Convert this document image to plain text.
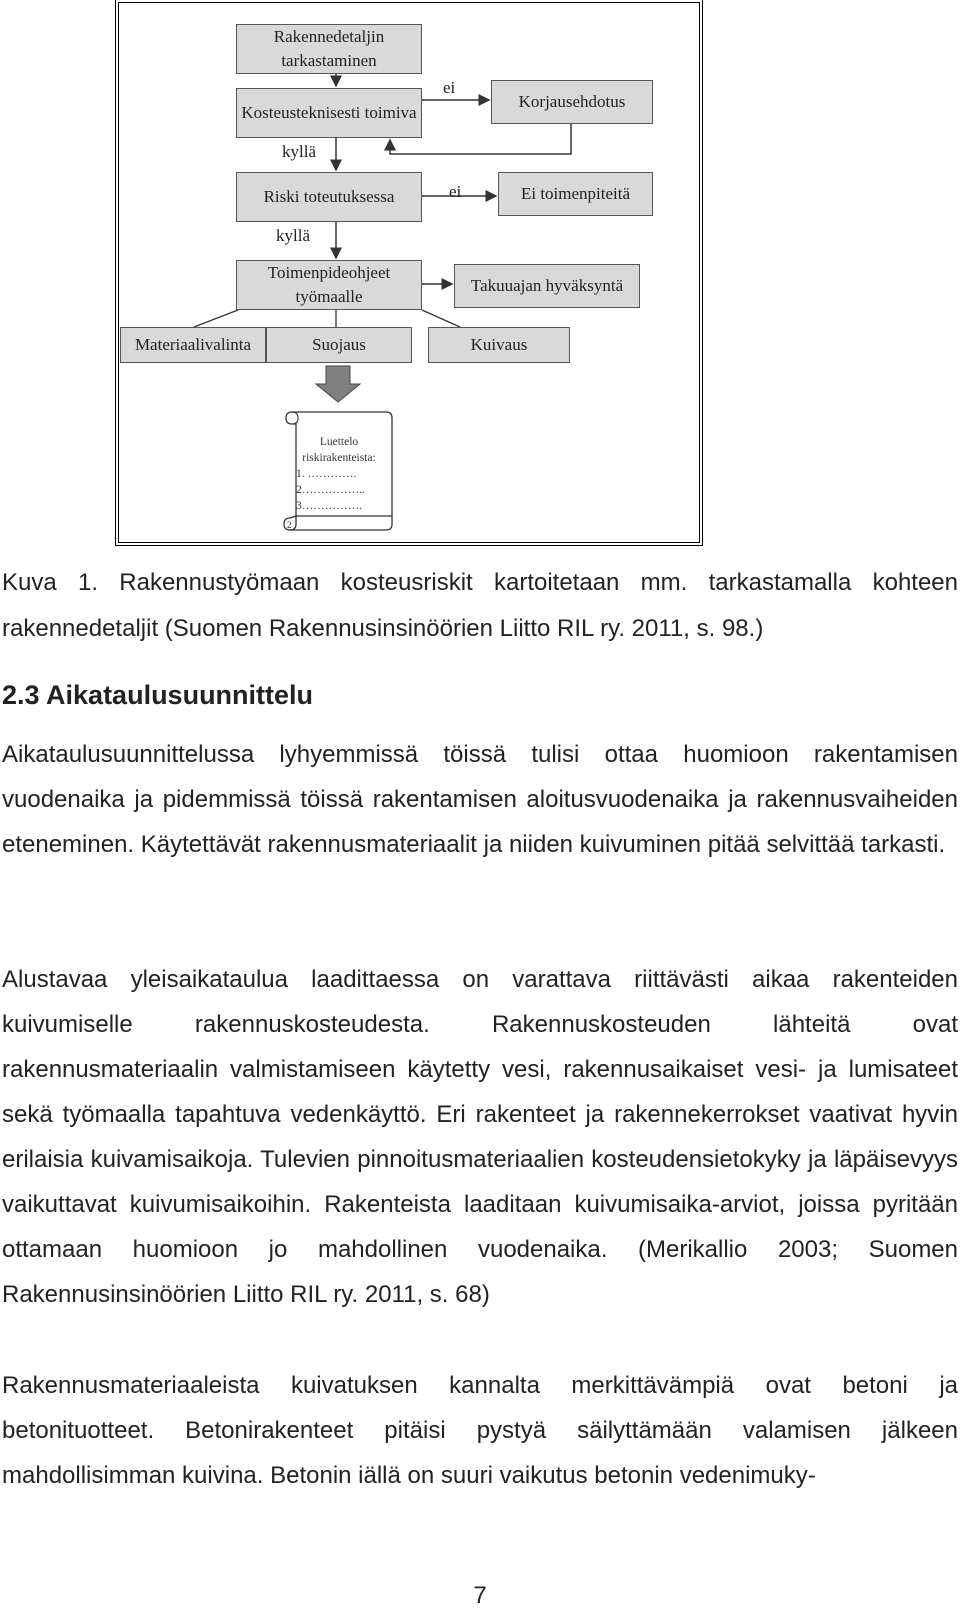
Rakennedetaljin tarkastaminen
Kosteusteknisesti toimiva
Korjausehdotus
Riski toteutuksessa	Ei toimenpiteitä
Toimenpideohjeet työmaalle
Takuuajan hyväksyntä
Materiaalivalinta	Suojaus	Kuivaus
ei
kyllä
ei
kyllä
2
Luettelo
riskirakenteista:
1. ………….
2……………..
3…………….
Kuva 1. Rakennustyömaan kosteusriskit kartoitetaan mm. tarkastamalla kohteen rakennedetaljit (Suomen Rakennusinsinöörien Liitto RIL ry. 2011, s. 98.)
2.3 Aikataulusuunnittelu

Aikataulusuunnittelussa lyhyemmissä töissä tulisi ottaa huomioon rakentamisen vuodenaika ja pidemmissä töissä rakentamisen aloitusvuodenaika ja rakennusvaiheiden eteneminen. Käytettävät rakennusmateriaalit ja niiden kuivuminen pitää selvittää tarkasti.

Alustavaa yleisaikataulua laadittaessa on varattava riittävästi aikaa rakenteiden kuivumiselle rakennuskosteudesta. Rakennuskosteuden lähteitä ovat rakennusmateriaalin valmistamiseen käytetty vesi, rakennusaikaiset vesi- ja lumisateet sekä työmaalla tapahtuva vedenkäyttö. Eri rakenteet ja rakennekerrokset vaativat hyvin erilaisia kuivamisaikoja. Tulevien pinnoitusmateriaalien kosteudensietokyky ja läpäisevyys vaikuttavat kuivumisaikoihin. Rakenteista laaditaan kuivumisaika-arviot, joissa pyritään ottamaan huomioon jo mahdollinen vuodenaika. (Merikallio 2003; Suomen Rakennusinsinöörien Liitto RIL ry. 2011, s. 68)

Rakennusmateriaaleista kuivatuksen kannalta merkittävämpiä ovat betoni ja betonituotteet. Betonirakenteet pitäisi pystyä säilyttämään valamisen jälkeen mahdollisimman kuivina. Betonin iällä on suuri vaikutus betonin vedenimuky-

7
